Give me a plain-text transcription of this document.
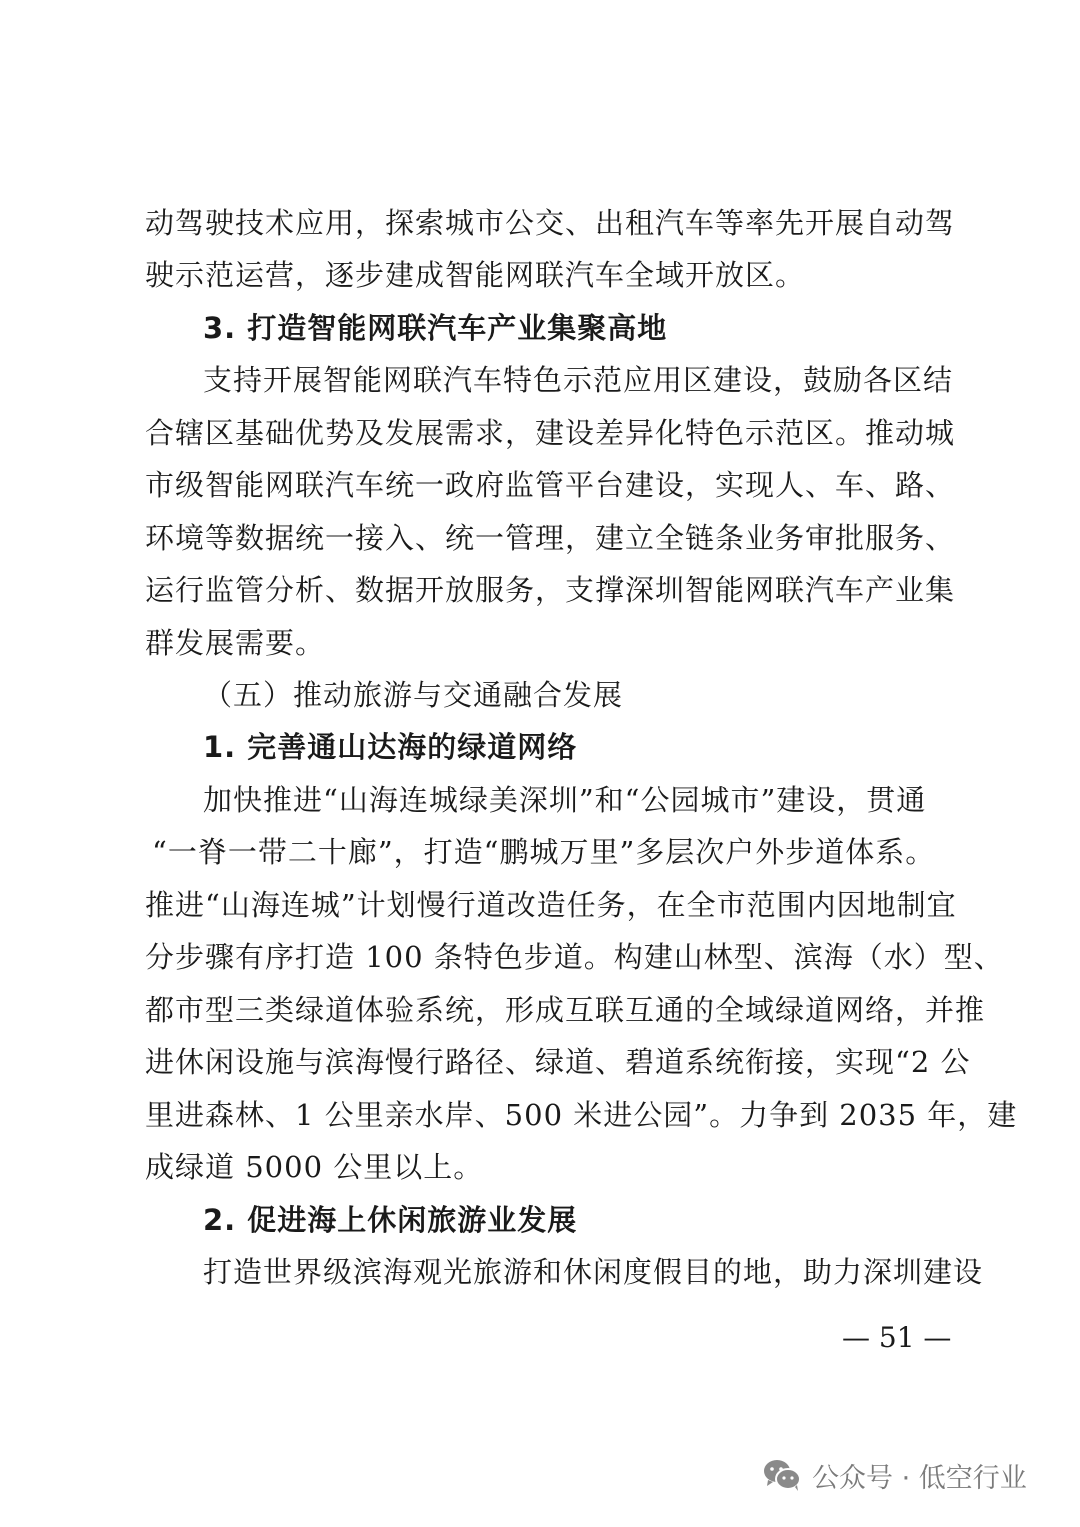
动驾驶技术应用，探索城市公交、出租汽车等率先开展自动驾
驶示范运营，逐步建成智能网联汽车全域开放区。
3. 打造智能网联汽车产业集聚高地
支持开展智能网联汽车特色示范应用区建设，鼓励各区结
合辖区基础优势及发展需求，建设差异化特色示范区。推动城
市级智能网联汽车统一政府监管平台建设，实现人、车、路、
环境等数据统一接入、统一管理，建立全链条业务审批服务、
运行监管分析、数据开放服务，支撑深圳智能网联汽车产业集
群发展需要。
（五）推动旅游与交通融合发展
1. 完善通山达海的绿道网络
加快推进“山海连城绿美深圳”和“公园城市”建设，贯通
“一脊一带二十廊”，打造“鹏城万里”多层次户外步道体系。
推进“山海连城”计划慢行道改造任务，在全市范围内因地制宜
分步骤有序打造 100 条特色步道。构建山林型、滨海（水）型、
都市型三类绿道体验系统，形成互联互通的全域绿道网络，并推
进休闲设施与滨海慢行路径、绿道、碧道系统衔接，实现“2 公
里进森林、1 公里亲水岸、500 米进公园”。力争到 2035 年，建
成绿道 5000 公里以上。
2. 促进海上休闲旅游业发展
打造世界级滨海观光旅游和休闲度假目的地，助力深圳建设
— 51 —
公众号 · 低空行业
